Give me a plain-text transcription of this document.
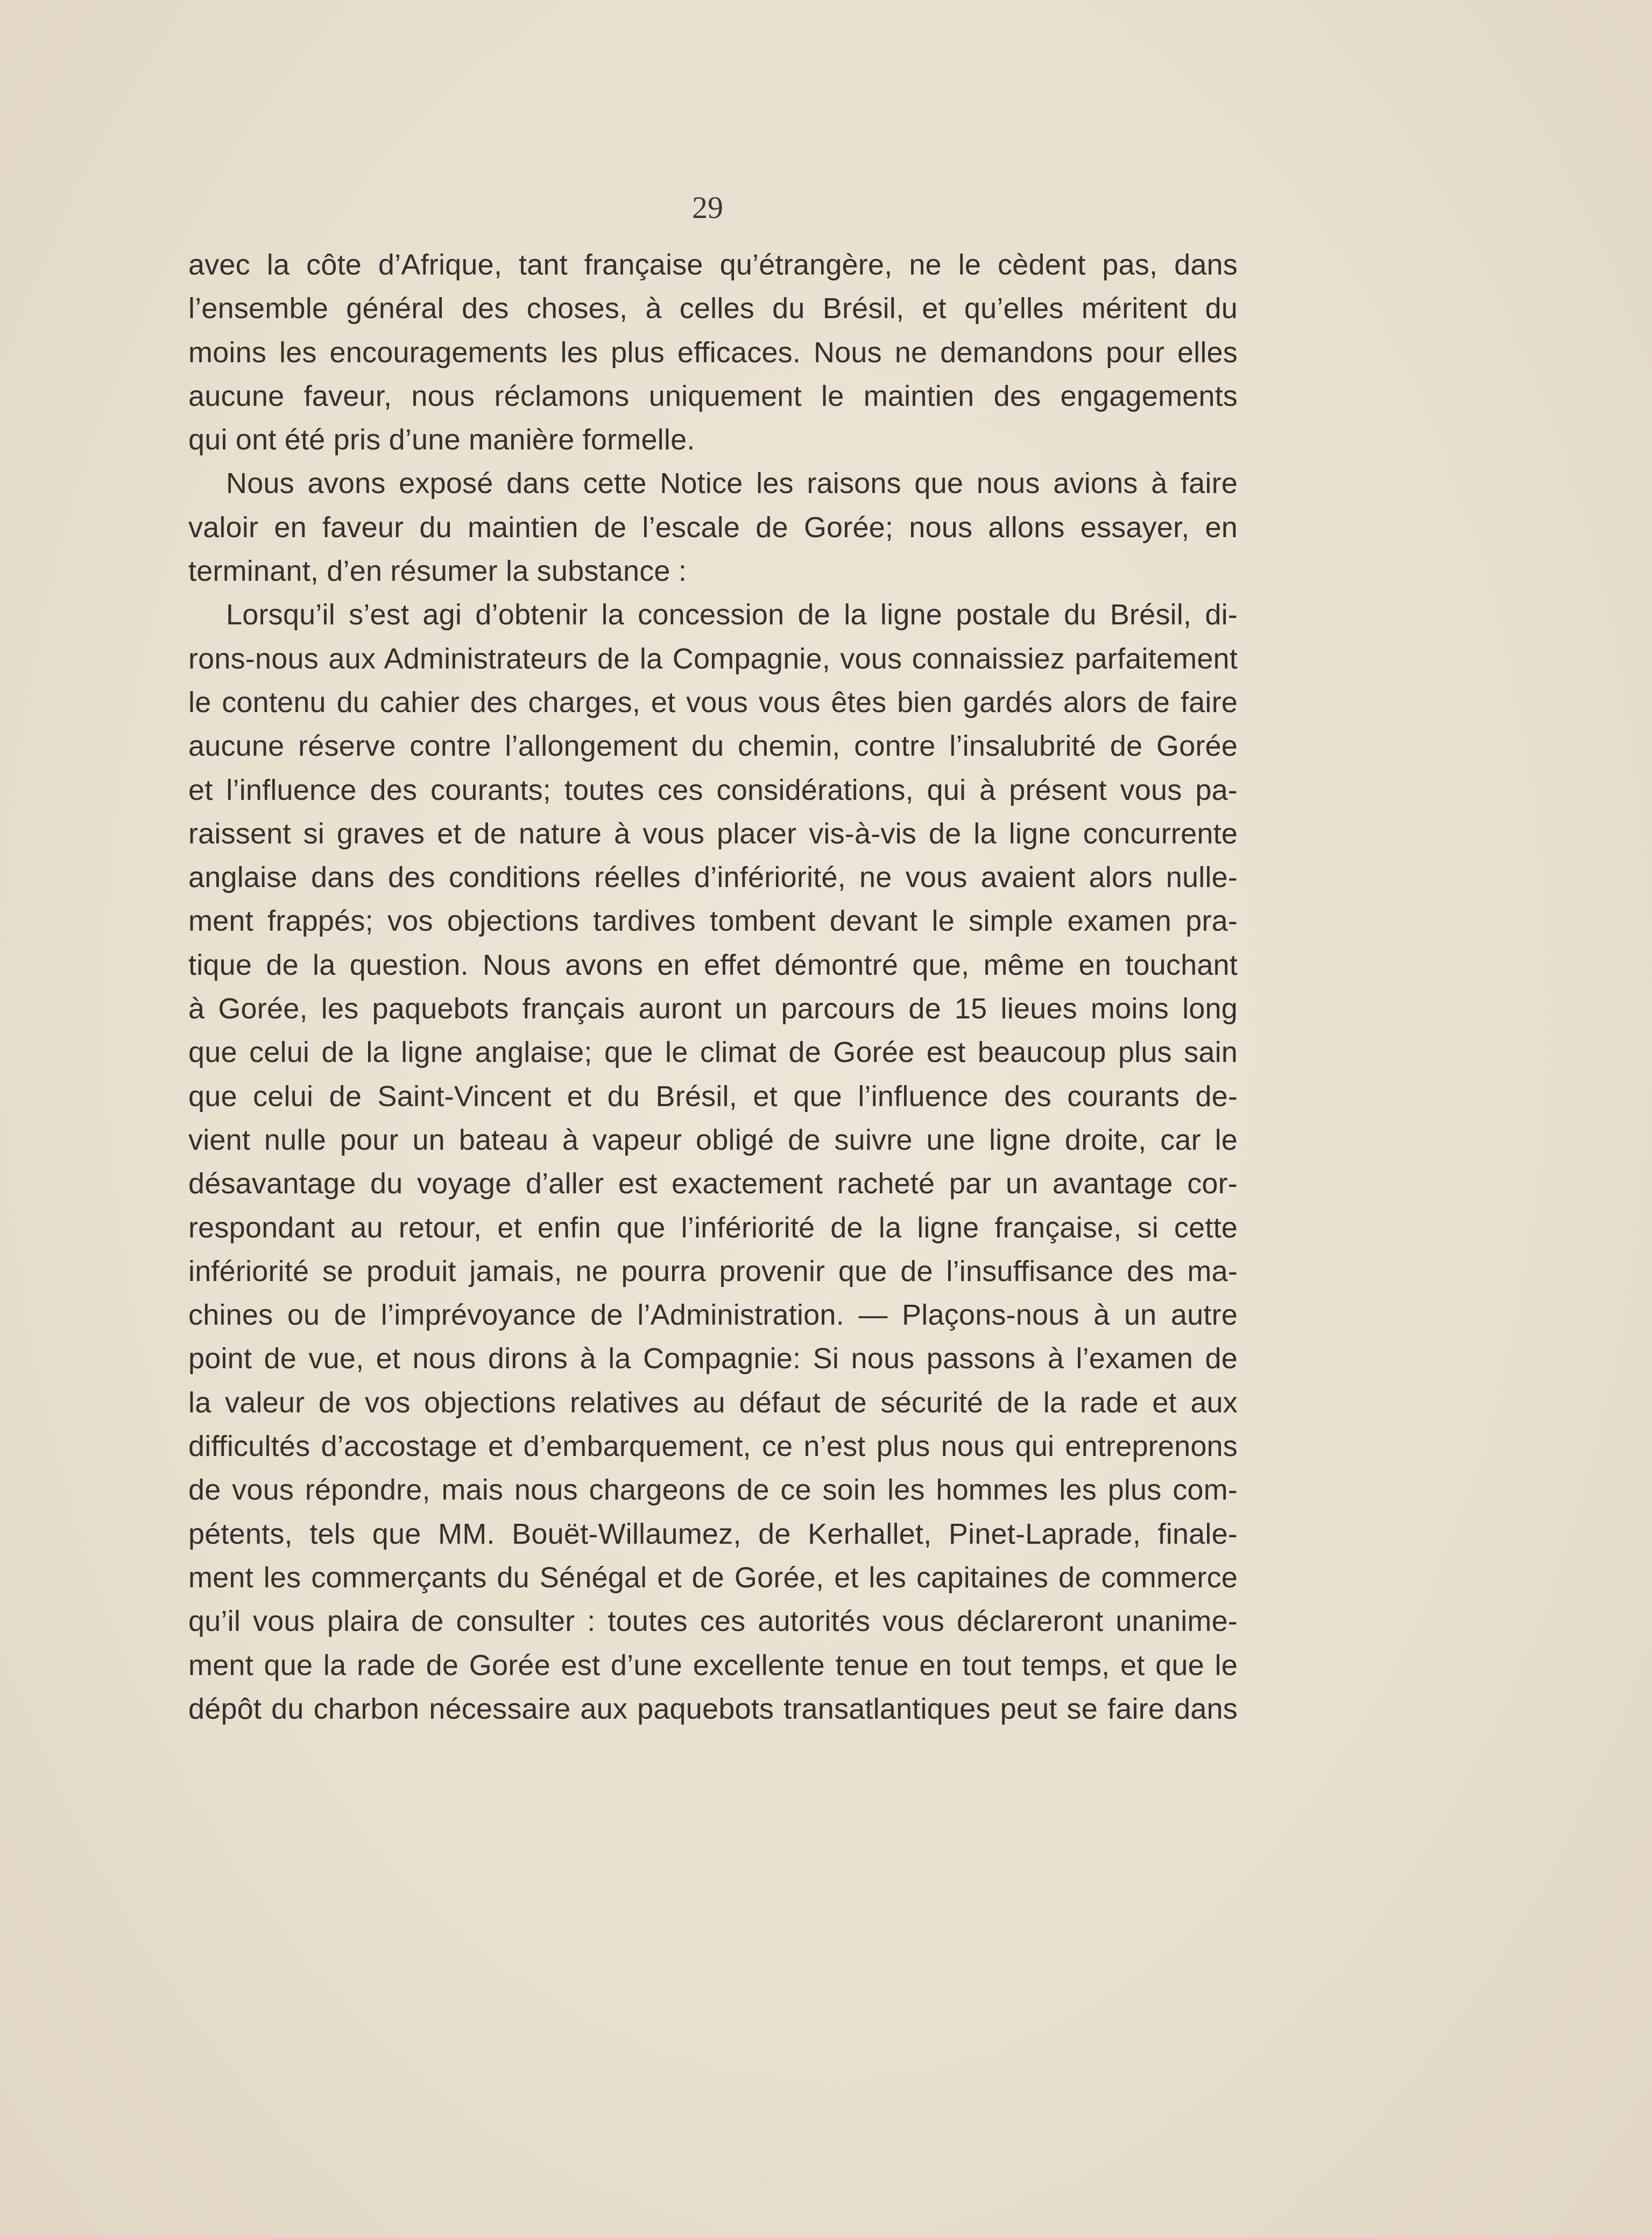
29
avec la côte d’Afrique, tant française qu’étrangère, ne le cèdent pas, dans
l’ensemble général des choses, à celles du Brésil, et qu’elles méritent du
moins les encouragements les plus efficaces. Nous ne demandons pour elles
aucune faveur, nous réclamons uniquement le maintien des engagements
qui ont été pris d’une manière formelle.
Nous avons exposé dans cette Notice les raisons que nous avions à faire
valoir en faveur du maintien de l’escale de Gorée; nous allons essayer, en
terminant, d’en résumer la substance :
Lorsqu’il s’est agi d’obtenir la concession de la ligne postale du Brésil, di-
rons-nous aux Administrateurs de la Compagnie, vous connaissiez parfaitement
le contenu du cahier des charges, et vous vous êtes bien gardés alors de faire
aucune réserve contre l’allongement du chemin, contre l’insalubrité de Gorée
et l’influence des courants; toutes ces considérations, qui à présent vous pa-
raissent si graves et de nature à vous placer vis-à-vis de la ligne concurrente
anglaise dans des conditions réelles d’infériorité, ne vous avaient alors nulle-
ment frappés; vos objections tardives tombent devant le simple examen pra-
tique de la question. Nous avons en effet démontré que, même en touchant
à Gorée, les paquebots français auront un parcours de 15 lieues moins long
que celui de la ligne anglaise; que le climat de Gorée est beaucoup plus sain
que celui de Saint-Vincent et du Brésil, et que l’influence des courants de-
vient nulle pour un bateau à vapeur obligé de suivre une ligne droite, car le
désavantage du voyage d’aller est exactement racheté par un avantage cor-
respondant au retour, et enfin que l’infériorité de la ligne française, si cette
infériorité se produit jamais, ne pourra provenir que de l’insuffisance des ma-
chines ou de l’imprévoyance de l’Administration. — Plaçons-nous à un autre
point de vue, et nous dirons à la Compagnie: Si nous passons à l’examen de
la valeur de vos objections relatives au défaut de sécurité de la rade et aux
difficultés d’accostage et d’embarquement, ce n’est plus nous qui entreprenons
de vous répondre, mais nous chargeons de ce soin les hommes les plus com-
pétents, tels que MM. Bouët-Willaumez, de Kerhallet, Pinet-Laprade, finale-
ment les commerçants du Sénégal et de Gorée, et les capitaines de commerce
qu’il vous plaira de consulter : toutes ces autorités vous déclareront unanime-
ment que la rade de Gorée est d’une excellente tenue en tout temps, et que le
dépôt du charbon nécessaire aux paquebots transatlantiques peut se faire dans
